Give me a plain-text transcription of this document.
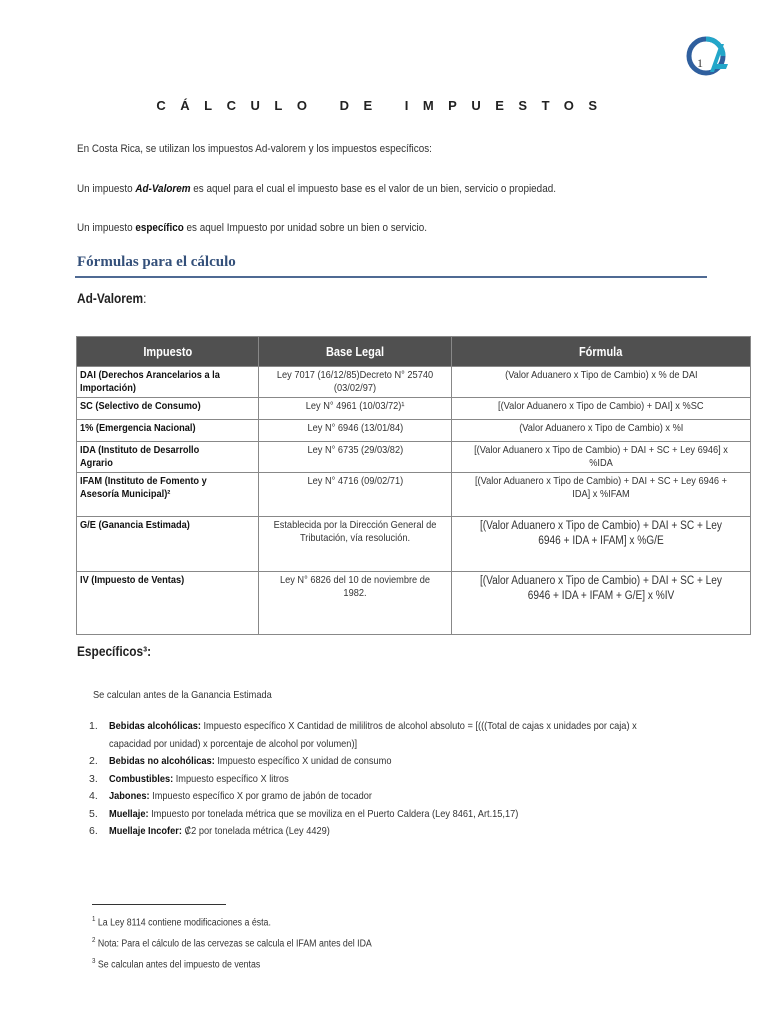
1
CÁLCULO DE IMPUESTOS
En Costa Rica, se utilizan los impuestos Ad-valorem y los impuestos específicos:
Un impuesto Ad-Valorem es aquel para el cual el impuesto base es el valor de un bien, servicio o propiedad.
Un impuesto específico es aquel Impuesto por unidad sobre un bien o servicio.
Fórmulas para el cálculo
Ad-Valorem:
Impuesto	Base Legal	Fórmula
DAI (Derechos Arancelarios a la Importación)	Ley 7017 (16/12/85)Decreto N° 25740 (03/02/97)	(Valor Aduanero x Tipo de Cambio) x % de DAI
SC (Selectivo de Consumo)	Ley N° 4961 (10/03/72)¹	[(Valor Aduanero x Tipo de Cambio) + DAI] x %SC
1% (Emergencia Nacional)	Ley N° 6946 (13/01/84)	(Valor Aduanero x Tipo de Cambio) x %I
IDA (Instituto de Desarrollo Agrario	Ley N° 6735 (29/03/82)	[(Valor Aduanero x Tipo de Cambio) + DAI + SC + Ley 6946] x %IDA
IFAM (Instituto de Fomento y Asesoría Municipal)²	Ley N° 4716 (09/02/71)	[(Valor Aduanero x Tipo de Cambio) + DAI + SC + Ley 6946 + IDA] x %IFAM
G/E (Ganancia Estimada)	Establecida por la Dirección General de Tributación, vía resolución.	[(Valor Aduanero x Tipo de Cambio) + DAI + SC + Ley 6946 + IDA + IFAM] x %G/E
IV (Impuesto de Ventas)	Ley N° 6826 del 10 de noviembre de 1982.	[(Valor Aduanero x Tipo de Cambio) + DAI + SC + Ley 6946 + IDA + IFAM + G/E] x %IV
Específicos³:
Se calculan antes de la Ganancia Estimada
1.	Bebidas alcohólicas: Impuesto específico X Cantidad de mililitros de alcohol absoluto = [(((Total de cajas x unidades por caja) x capacidad por unidad) x porcentaje de alcohol por volumen)]
2.	Bebidas no alcohólicas: Impuesto específico X unidad de consumo
3.	Combustibles: Impuesto específico X litros
4.	Jabones: Impuesto específico X por gramo de jabón de tocador
5.	Muellaje: Impuesto por tonelada métrica que se moviliza en el Puerto Caldera (Ley 8461, Art.15,17)
6.	Muellaje Incofer: ₡2 por tonelada métrica (Ley 4429)
$^1$ La Ley 8114 contiene modificaciones a ésta.
$^2$ Nota: Para el cálculo de las cervezas se calcula el IFAM antes del IDA
$^3$ Se calculan antes del impuesto de ventas
